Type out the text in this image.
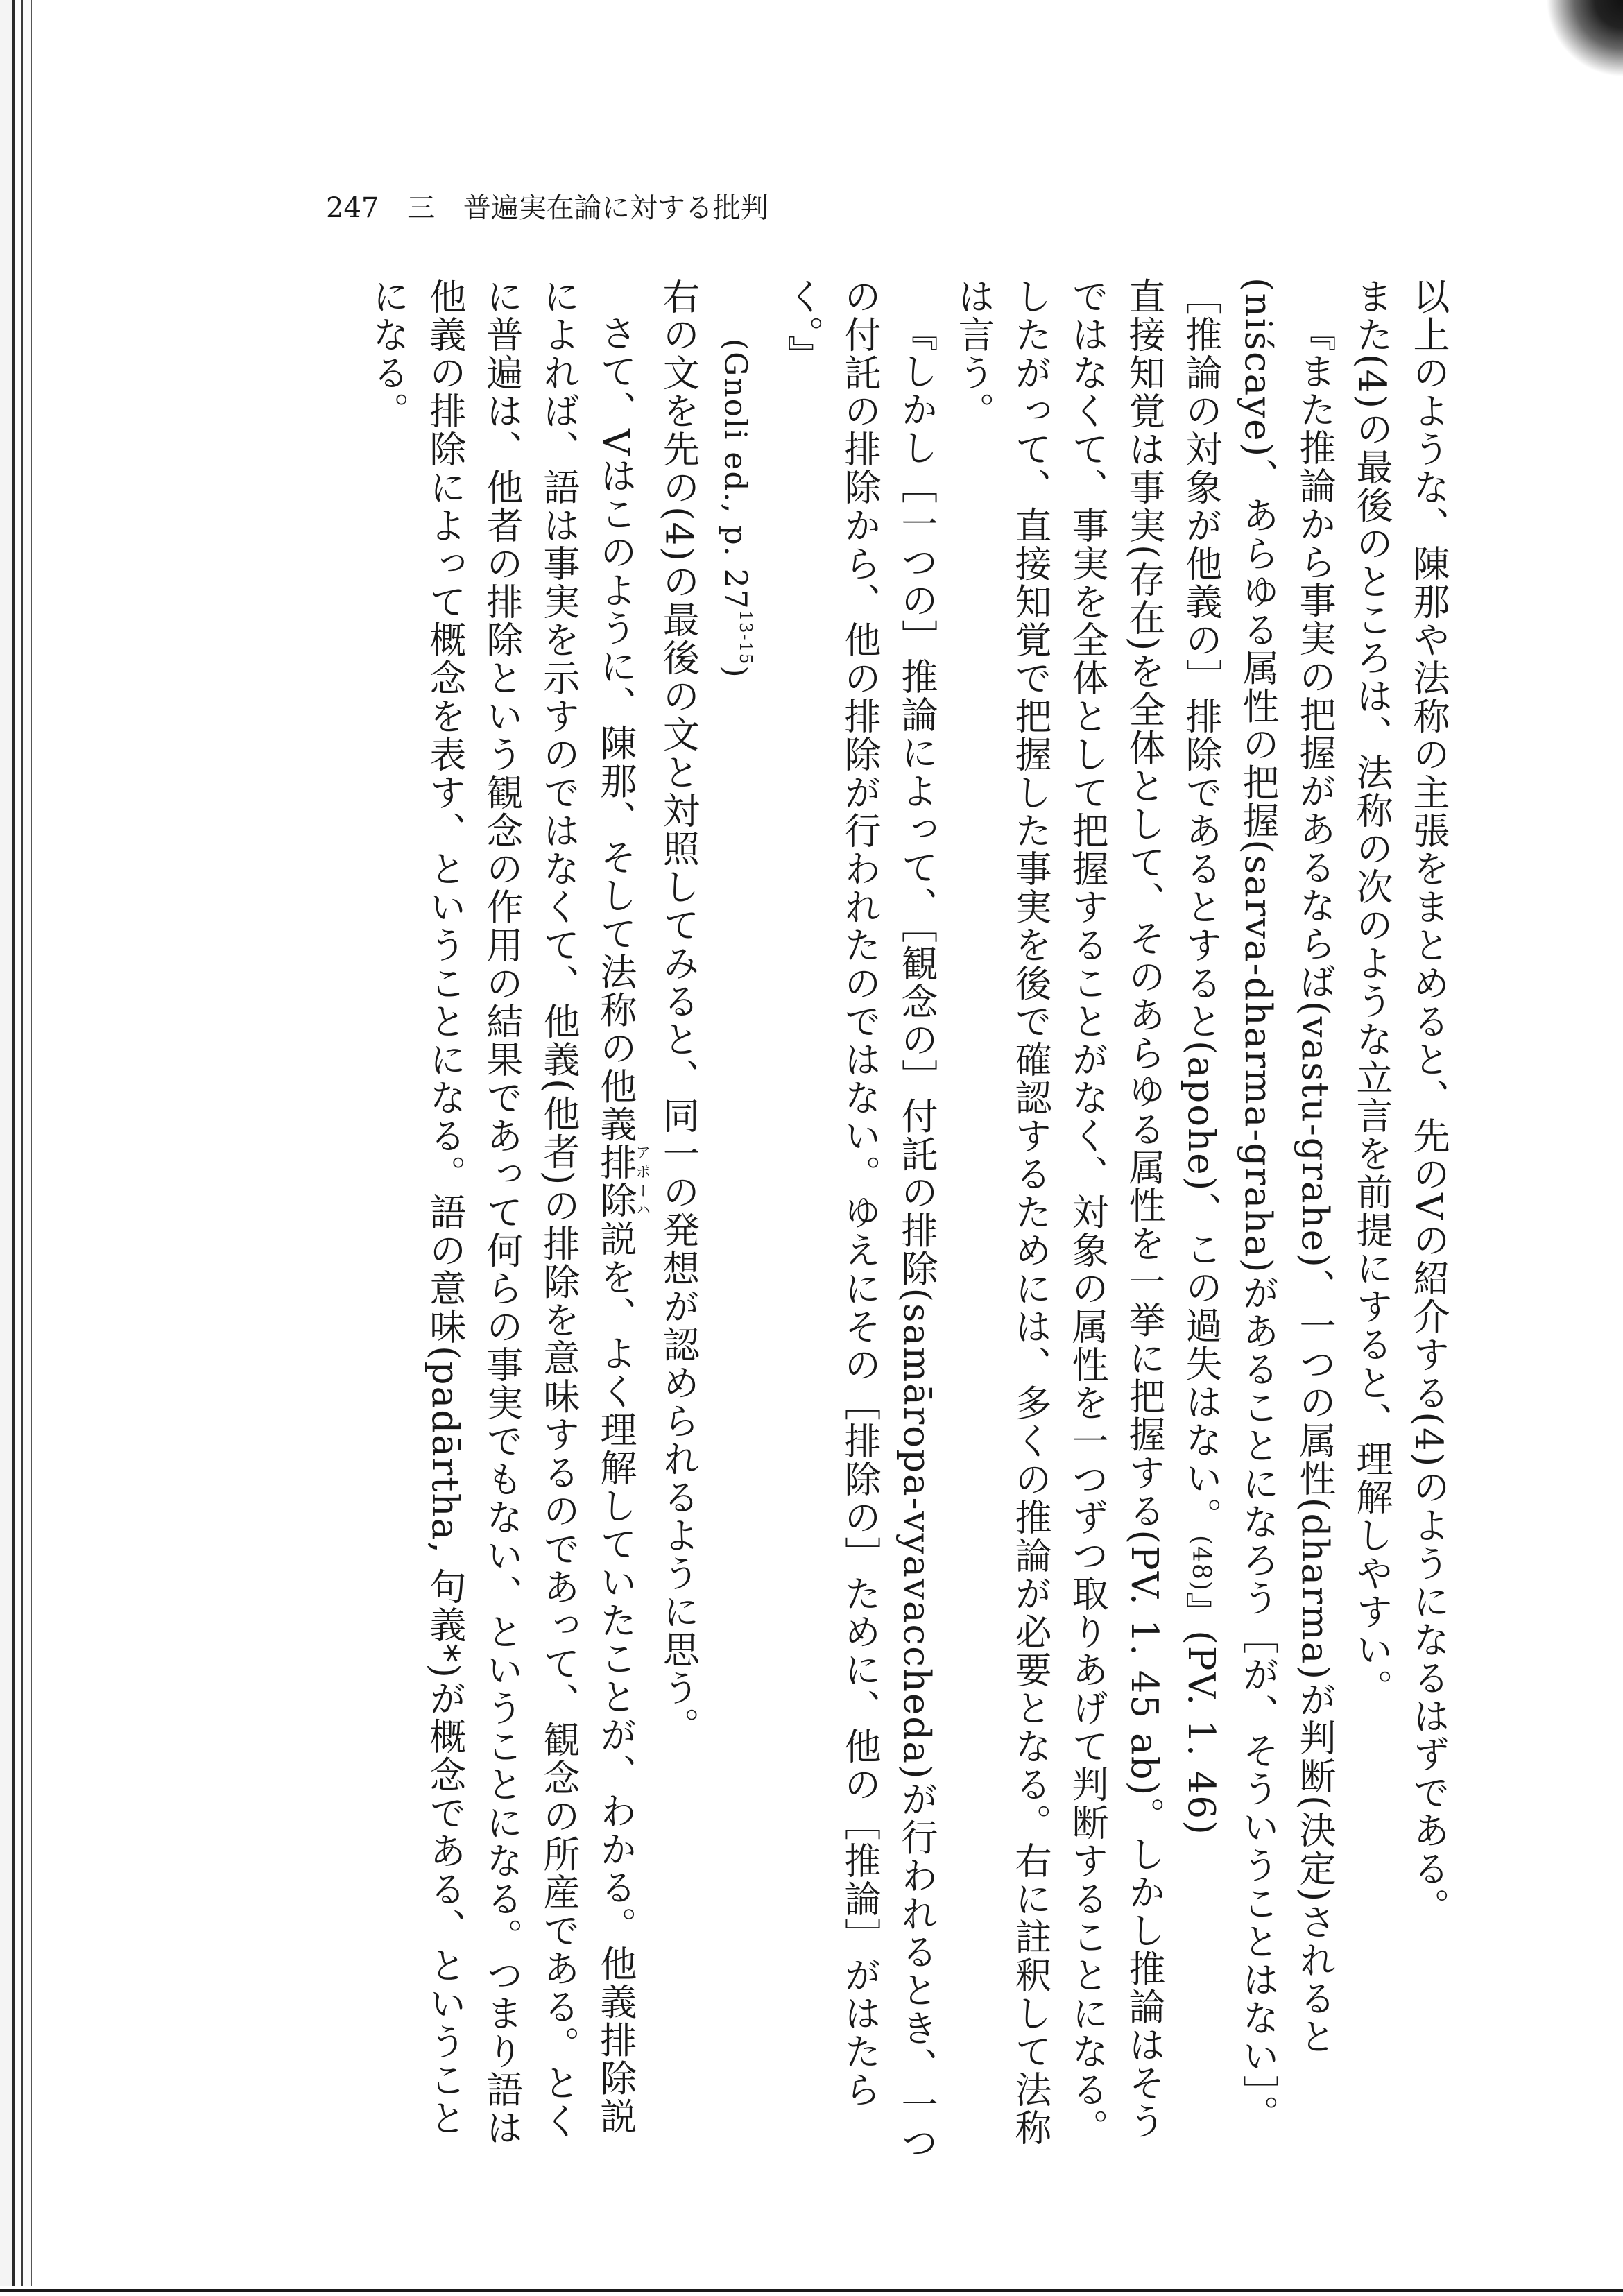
247 三 普遍実在論に対する批判

以上のような、陳那や法称の主張をまとめると、先のVの紹介する(4)のようになるはずである。

また(4)の最後のところは、法称の次のような立言を前提にすると、理解しやすい。

『また推論から事実の把握があるならば(vastu-grahe)、一つの属性(dharma)が判断(決定)されると(niścaye)、あらゆる属性の把握(sarva-dharma-graha)があることになろう［が、そういうことはない］。［推論の対象が他義の］排除であるとすると(apohe)、この過失はない。(48)』(PV. 1. 46)

直接知覚は事実(存在)を全体として、そのあらゆる属性を一挙に把握する(PV. 1. 45 ab)。しかし推論はそうではなくて、事実を全体として把握することがなく、対象の属性を一つずつ取りあげて判断することになる。したがって、直接知覚で把握した事実を後で確認するためには、多くの推論が必要となる。右に註釈して法称は言う。

『しかし［一つの］推論によって、［観念の］付託の排除(samāropa-vyavaccheda)が行われるとき、一つの付託の排除から、他の排除が行われたのではない。ゆえにその［排除の］ために、他の［推論］がはたらく。』

(Gnoli ed., p. 27$^{13-15}$)

右の文を先の(4)の最後の文と対照してみると、同一の発想が認められるように思う。

さて、Vはこのように、陳那、そして法称の他義排除アポーハ説を、よく理解していたことが、わかる。他義排除説によれば、語は事実を示すのではなくて、他義(他者)の排除を意味するのであって、観念の所産である。とくに普遍は、他者の排除という観念の作用の結果であって何らの事実でもない、ということになる。つまり語は他義の排除によって概念を表す、ということになる。語の意味(padārtha, 句義*)が概念である、ということになる。
